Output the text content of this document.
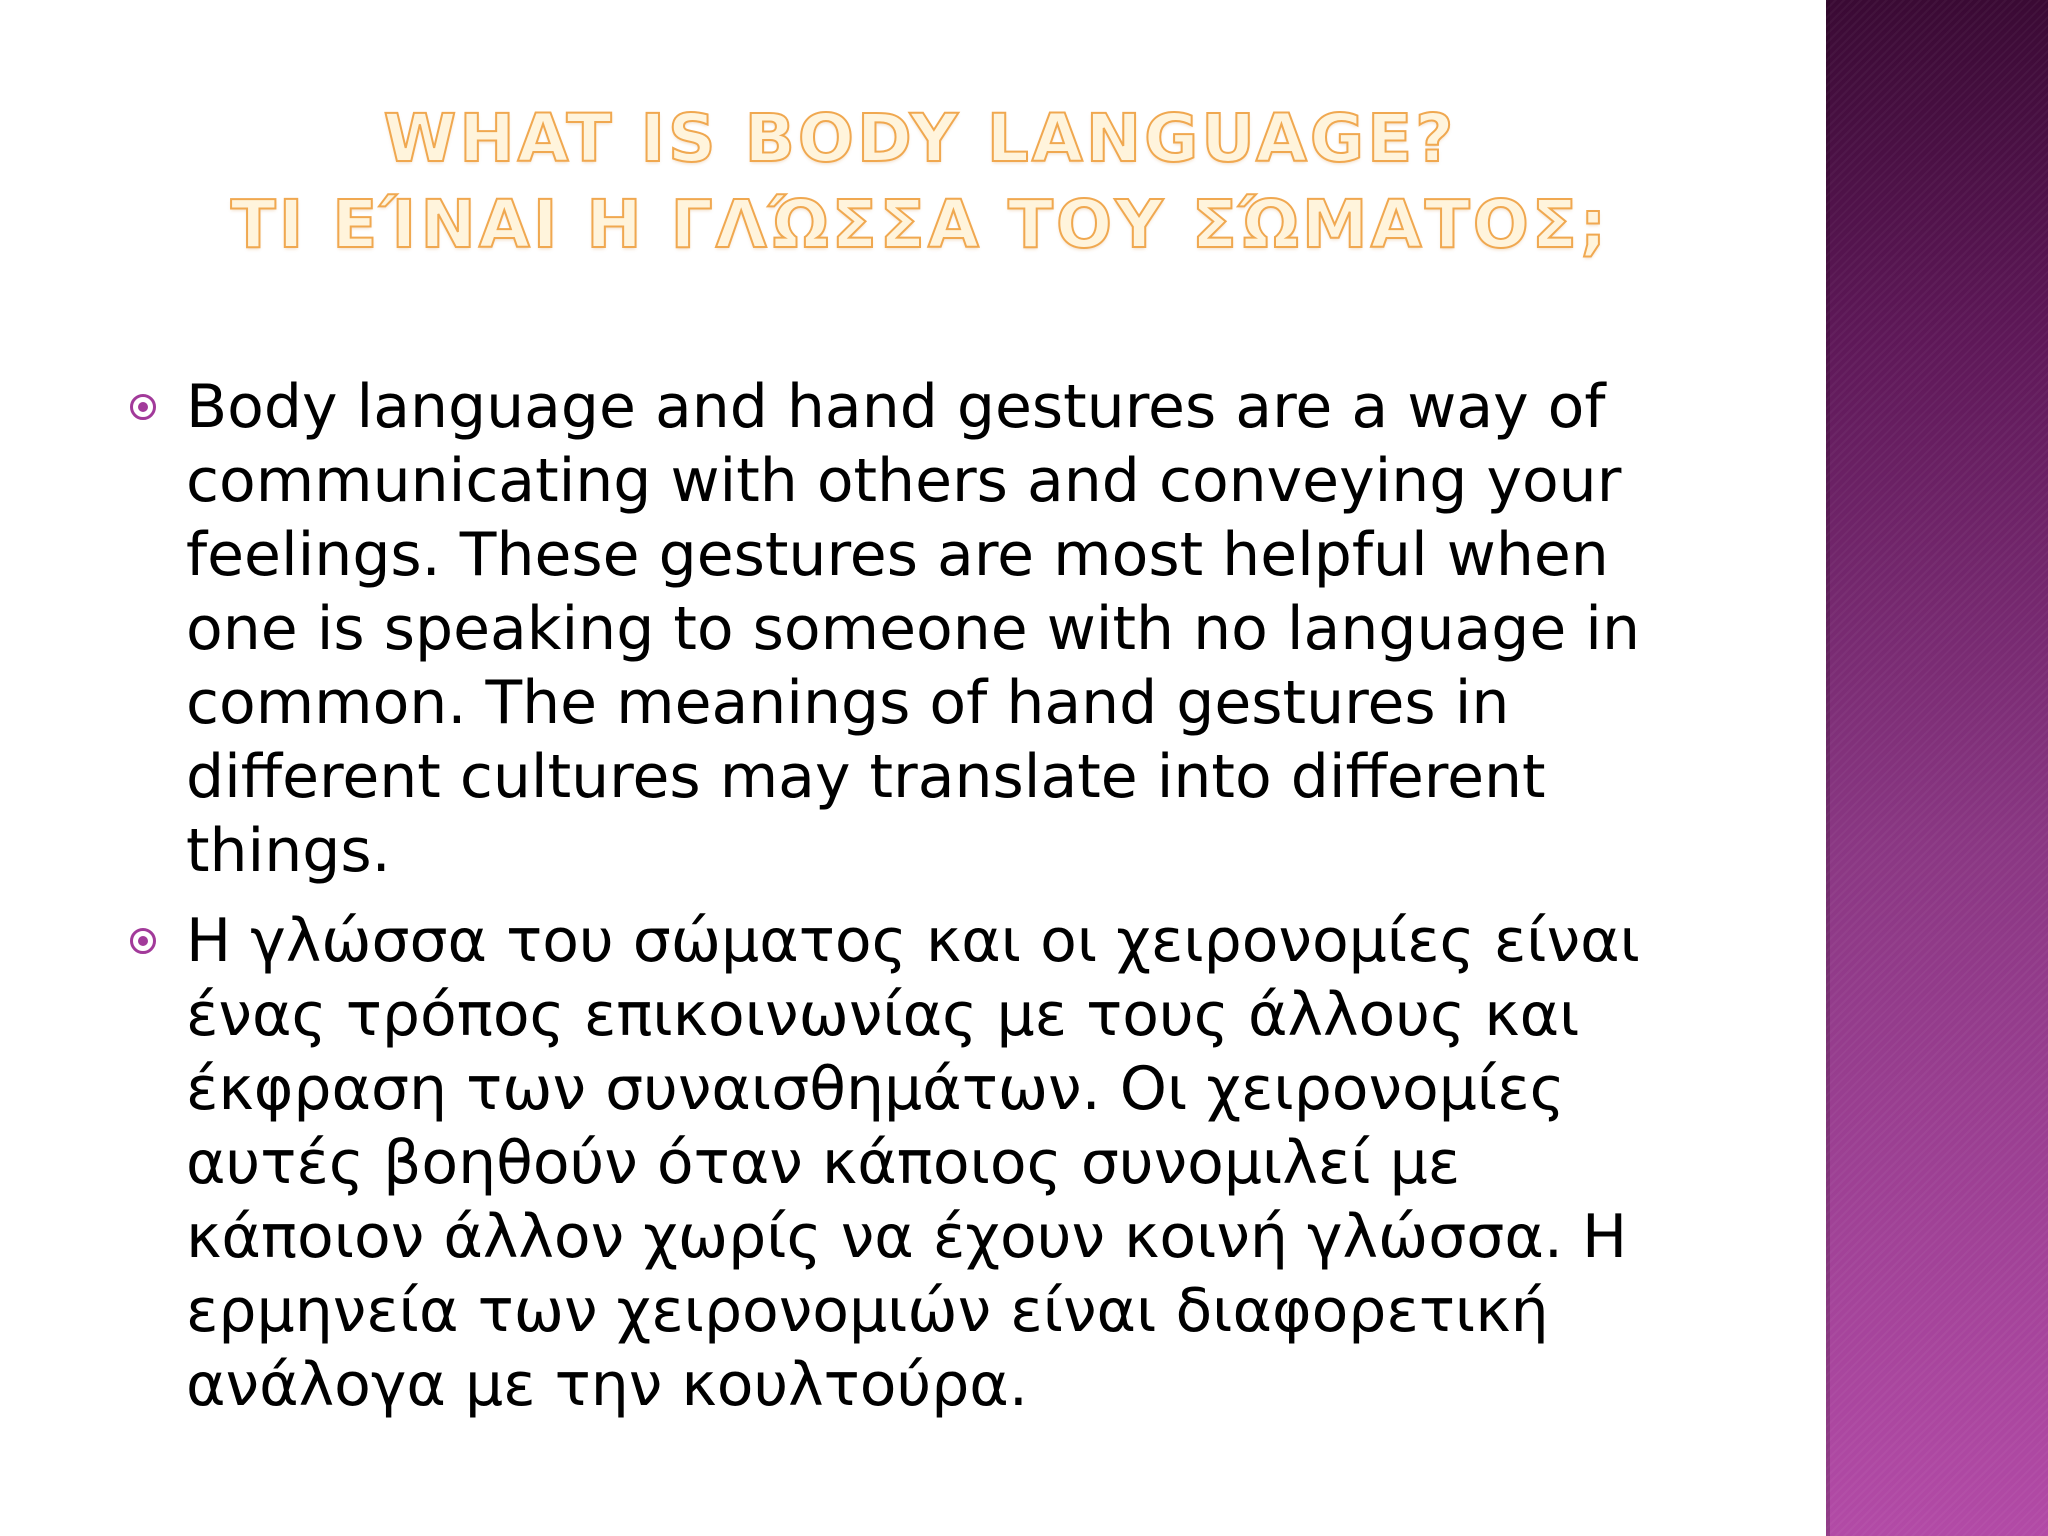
WHAT IS BODY LANGUAGE?
ΤΙ ΕΊΝΑΙ Η ΓΛΏΣΣΑ ΤΟΥ ΣΏΜΑΤΟΣ;
Body language and hand gestures are a way of communicating with others and conveying your feelings. These gestures are most helpful when one is speaking to someone with no language in common. The meanings of hand gestures in different cultures may translate into different things.
Η γλώσσα του σώματος και οι χειρονομίες είναι ένας τρόπος επικοινωνίας με τους άλλους και έκφραση των συναισθημάτων. Οι χειρονομίες αυτές βοηθούν όταν κάποιος συνομιλεί με κάποιον άλλον χωρίς να έχουν κοινή γλώσσα. Η ερμηνεία των χειρονομιών είναι διαφορετική ανάλογα με την κουλτούρα.
